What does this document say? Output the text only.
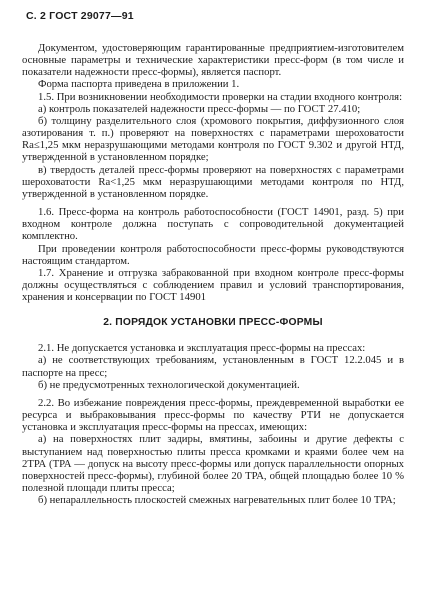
С. 2 ГОСТ 29077—91

Документом, удостоверяющим гарантированные предприятием-изготовителем основные параметры и технические характеристики пресс-форм (в том числе и показатели надежности пресс-формы), является паспорт.

Форма паспорта приведена в приложении 1.

1.5. При возникновении необходимости проверки на стадии входного контроля:

а) контроль показателей надежности пресс-формы — по ГОСТ 27.410;

б) толщину разделительного слоя (хромового покрытия, диффузионного слоя азотирования т. п.) проверяют на поверхностях с параметрами шероховатости Ra≤1,25 мкм неразрушающими методами контроля по ГОСТ 9.302 и другой НТД, утвержденной в установленном порядке;

в) твердость деталей пресс-формы проверяют на поверхностях с параметрами шероховатости Ra<1,25 мкм неразрушающими методами контроля по НТД, утвержденной в установленном порядке.

1.6. Пресс-форма на контроль работоспособности (ГОСТ 14901, разд. 5) при входном контроле должна поступать с сопроводительной документацией комплектно.

При проведении контроля работоспособности пресс-формы руководствуются настоящим стандартом.

1.7. Хранение и отгрузка забракованной при входном контроле пресс-формы должны осуществляться с соблюдением правил и условий транспортирования, хранения и консервации по ГОСТ 14901

2. ПОРЯДОК УСТАНОВКИ ПРЕСС-ФОРМЫ

2.1. Не допускается установка и эксплуатация пресс-формы на прессах:

а) не соответствующих требованиям, установленным в ГОСТ 12.2.045 и в паспорте на пресс;

б) не предусмотренных технологической документацией.

2.2. Во избежание повреждения пресс-формы, преждевременной выработки ее ресурса и выбраковывания пресс-формы по качеству РТИ не допускается установка и эксплуатация пресс-формы на прессах, имеющих:

а) на поверхностях плит задиры, вмятины, забоины и другие дефекты с выступанием над поверхностью плиты пресса кромками и краями более чем на 2ТРА (ТРА — допуск на высоту пресс-формы или допуск параллельности опорных поверхностей пресс-формы), глубиной более 20 ТРА, общей площадью более 10 % полезной площади плиты пресса;

б) непараллельность плоскостей смежных нагревательных плит более 10 ТРА;
